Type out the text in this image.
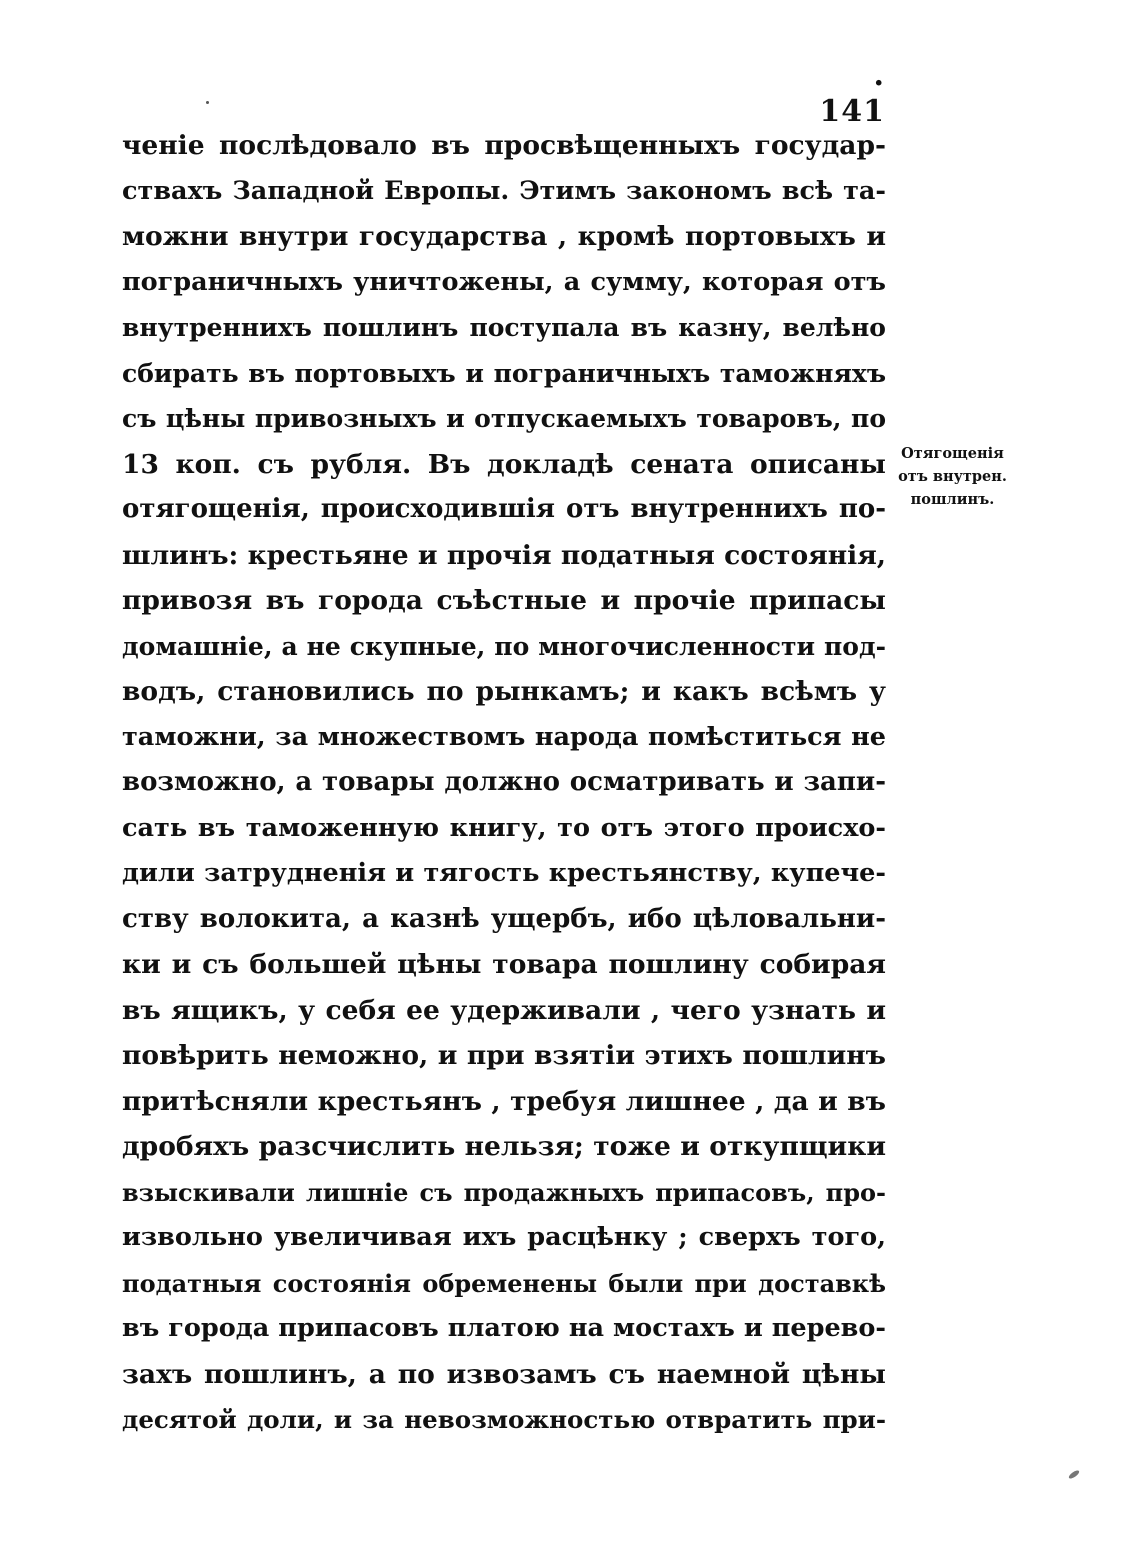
. 141
ченіе послѣдовало въ просвѣщенныхъ государ-
ствахъ Западной Европы. Этимъ закономъ всѣ та-
можни внутри государства , кромѣ портовыхъ и
пограничныхъ уничтожены, а сумму, которая отъ
внутреннихъ пошлинъ поступала въ казну, велѣно
сбирать въ портовыхъ и пограничныхъ таможняхъ
съ цѣны привозныхъ и отпускаемыхъ товаровъ, по
13 коп. съ рубля. Въ докладѣ сената описаны
отягощенія, происходившія отъ внутреннихъ по-
шлинъ: крестьяне и прочія податныя состоянія,
привозя въ города съѣстные и прочіе припасы
домашніе, а не скупные, по многочисленности под-
водъ, становились по рынкамъ; и какъ всѣмъ у
таможни, за множествомъ народа помѣститься не
возможно, а товары должно осматривать и запи-
сать въ таможенную книгу, то отъ этого происхо-
дили затрудненія и тягость крестьянству, купече-
ству волокита, а казнѣ ущербъ, ибо цѣловальни-
ки и съ большей цѣны товара пошлину собирая
въ ящикъ, у себя ее удерживали , чего узнать и
повѣрить неможно, и при взятіи этихъ пошлинъ
притѣсняли крестьянъ , требуя лишнее , да и въ
дробяхъ разсчислить нельзя; тоже и откупщики
взыскивали лишніе съ продажныхъ припасовъ, про-
извольно увеличивая ихъ расцѣнку ; сверхъ того,
податныя состоянія обременены были при доставкѣ
въ города припасовъ платою на мостахъ и перево-
захъ пошлинъ, а по извозамъ съ наемной цѣны
десятой доли, и за невозможностью отвратить при-
Отягощенія
отъ внутрен.
пошлинъ.
